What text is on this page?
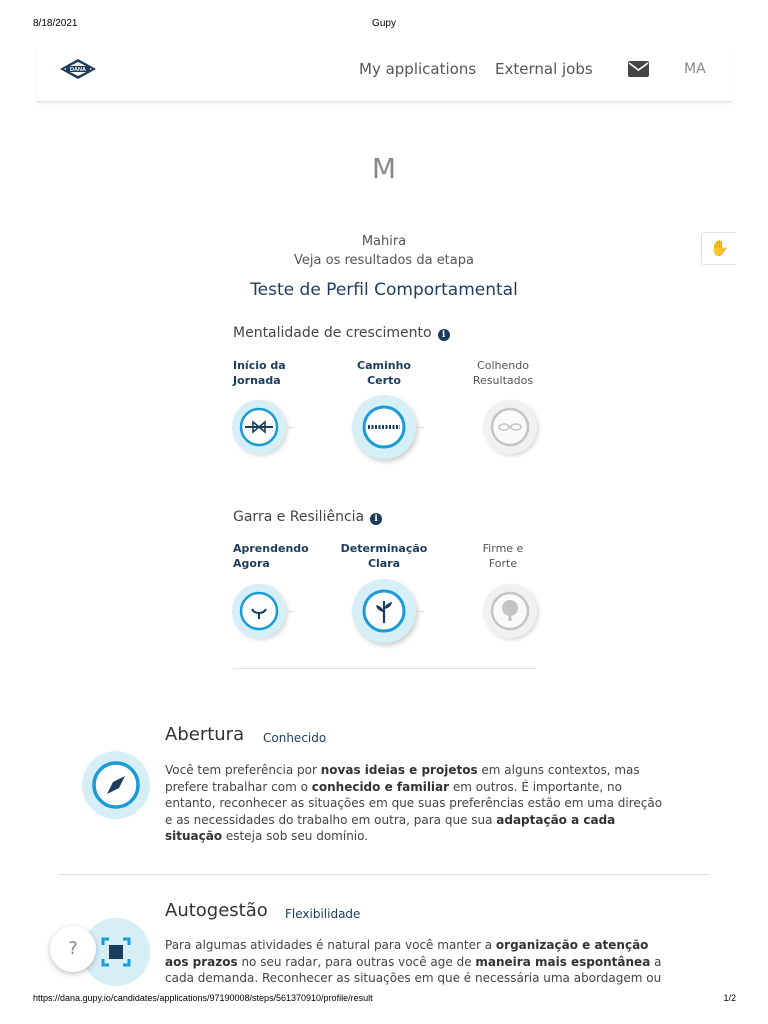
8/18/2021	Gupy
https://dana.gupy.io/candidates/applications/97190008/steps/561370910/profile/result	1/2
DANA	My applications External jobs	MA
M
✋
Mahira
Veja os resultados da etapa
Teste de Perfil Comportamental
Mentalidade de crescimento i
Início da
Jornada
Caminho
Certo
Colhendo
Resultados
Garra e Resiliência i
Aprendendo
Agora
Determinação
Clara
Firme e
Forte
Abertura Conhecido
Você tem preferência por novas ideias e projetos em alguns contextos, mas prefere trabalhar com o conhecido e familiar em outros. É importante, no entanto, reconhecer as situações em que suas preferências estão em uma direção e as necessidades do trabalho em outra, para que sua adaptação a cada situação esteja sob seu domínio.
Autogestão Flexibilidade
Para algumas atividades é natural para você manter a organização e atenção aos prazos no seu radar, para outras você age de maneira mais espontânea a cada demanda. Reconhecer as situações em que é necessária uma abordagem ou
?
